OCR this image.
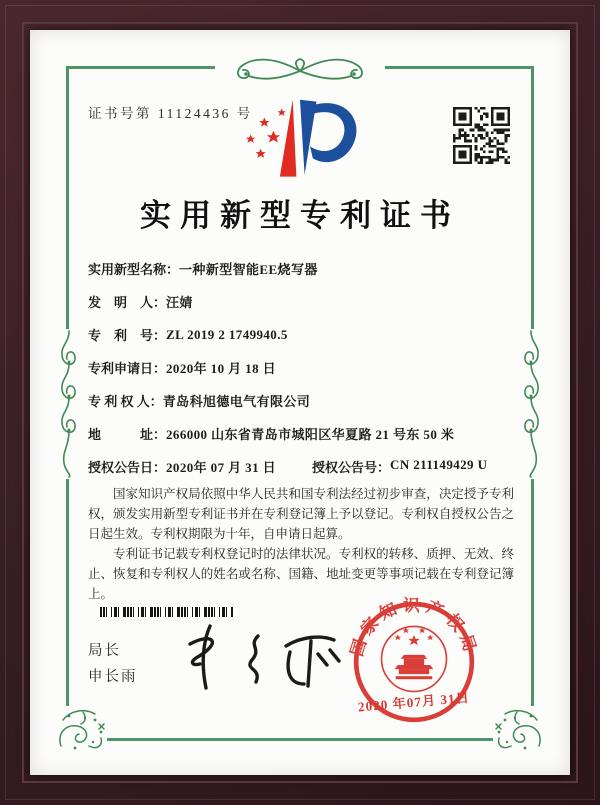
证书号第 11124436 号
实用新型专利证书
实用新型名称： 一种新型智能EE烧写器
发　明　人： 汪婧
专　利　号： ZL 2019 2 1749940.5
专利申请日： 2020年 10 月 18 日
专 利 权 人： 青岛科旭德电气有限公司
地　　　址： 266000 山东省青岛市城阳区华夏路 21 号东 50 米
授权公告日： 2020年 07 月 31 日	授权公告号： CN 211149429 U

国家知识产权局依照中华人民共和国专利法经过初步审查，决定授予专利权，颁发实用新型专利证书并在专利登记簿上予以登记。专利权自授权公告之日起生效。专利权期限为十年，自申请日起算。

专利证书记载专利权登记时的法律状况。专利权的转移、质押、无效、终止、恢复和专利权人的姓名或名称、国籍、地址变更等事项记载在专利登记簿上。

局长
申长雨
国家知识产权局
2020 年07月 31日
